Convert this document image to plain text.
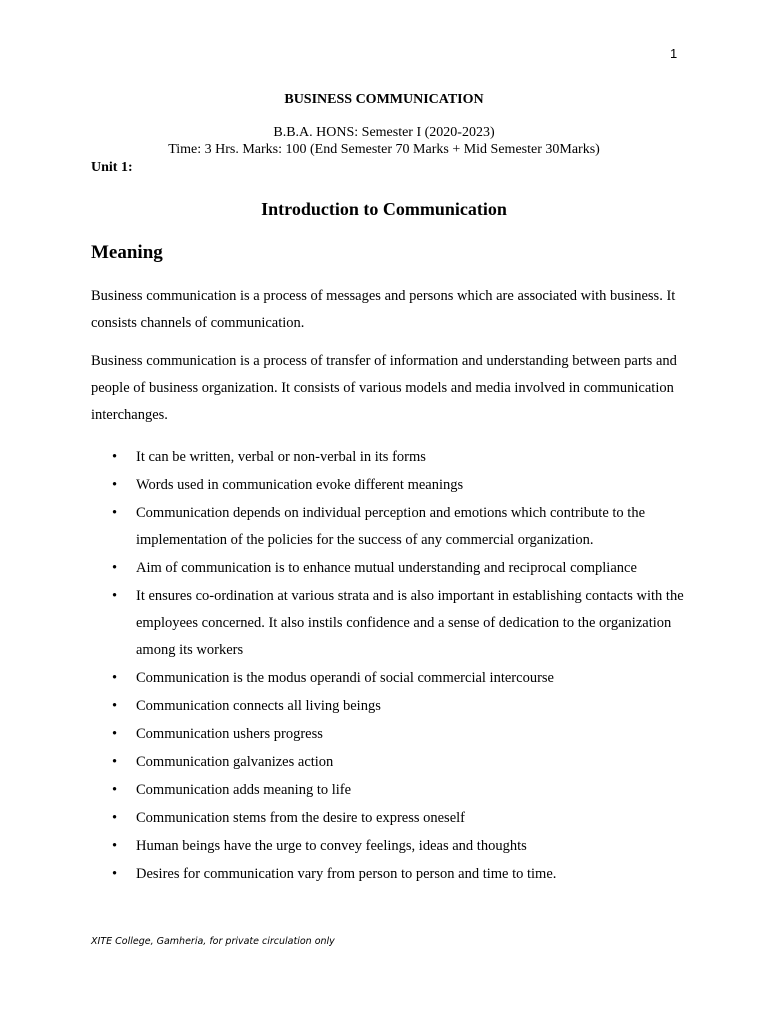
1
BUSINESS COMMUNICATION
B.B.A. HONS: Semester I (2020-2023)
Time: 3 Hrs. Marks: 100 (End Semester 70 Marks + Mid Semester 30Marks)
Unit 1:
Introduction to Communication
Meaning

Business communication is a process of messages and persons which are associated with business. It consists channels of communication.

Business communication is a process of transfer of information and understanding between parts and people of business organization. It consists of various models and media involved in communication interchanges.

• It can be written, verbal or non-verbal in its forms
• Words used in communication evoke different meanings
• Communication depends on individual perception and emotions which contribute to the implementation of the policies for the success of any commercial organization.
• Aim of communication is to enhance mutual understanding and reciprocal compliance
• It ensures co-ordination at various strata and is also important in establishing contacts with the employees concerned. It also instils confidence and a sense of dedication to the organization among its workers
• Communication is the modus operandi of social commercial intercourse
• Communication connects all living beings
• Communication ushers progress
• Communication galvanizes action
• Communication adds meaning to life
• Communication stems from the desire to express oneself
• Human beings have the urge to convey feelings, ideas and thoughts
• Desires for communication vary from person to person and time to time.
XITE College, Gamheria, for private circulation only
